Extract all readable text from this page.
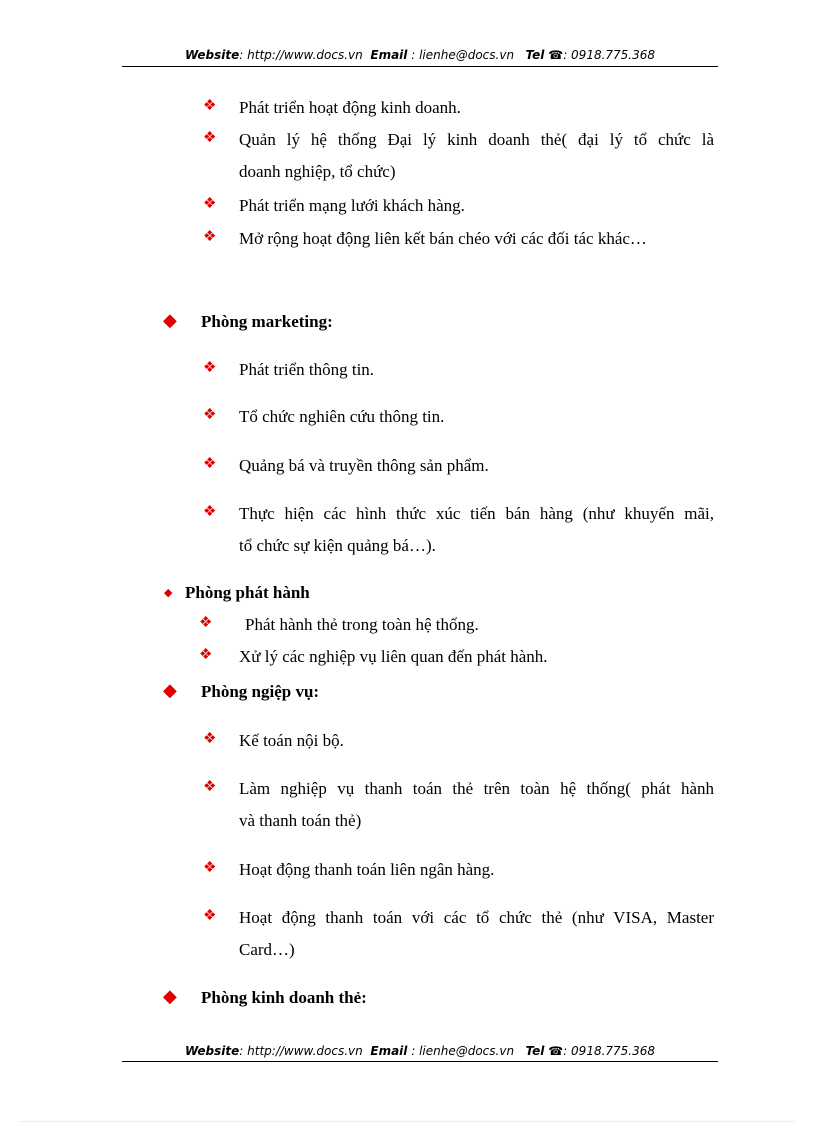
Website: http://www.docs.vn Email : lienhe@docs.vn Tel ☎: 0918.775.368
❖ Phát triển hoạt động kinh doanh.
❖ Quản lý hệ thống Đại lý kinh doanh thẻ( đại lý tổ chức là
doanh nghiệp, tổ chức)
❖ Phát triển mạng lưới khách hàng.
❖ Mở rộng hoạt động liên kết bán chéo với các đối tác khác…
◆ Phòng marketing:
❖ Phát triển thông tin.
❖ Tổ chức nghiên cứu thông tin.
❖ Quảng bá và truyền thông sản phẩm.
❖ Thực hiện các hình thức xúc tiến bán hàng (như khuyến mãi,
tổ chức sự kiện quảng bá…).
◆ Phòng phát hành
❖ Phát hành thẻ trong toàn hệ thống.
❖ Xử lý các nghiệp vụ liên quan đến phát hành.
◆ Phòng ngiệp vụ:
❖ Kế toán nội bộ.
❖ Làm nghiệp vụ thanh toán thẻ trên toàn hệ thống( phát hành
và thanh toán thẻ)
❖ Hoạt động thanh toán liên ngân hàng.
❖ Hoạt động thanh toán với các tổ chức thẻ (như VISA, Master
Card…)
◆ Phòng kinh doanh thẻ:
Website: http://www.docs.vn Email : lienhe@docs.vn Tel ☎: 0918.775.368
